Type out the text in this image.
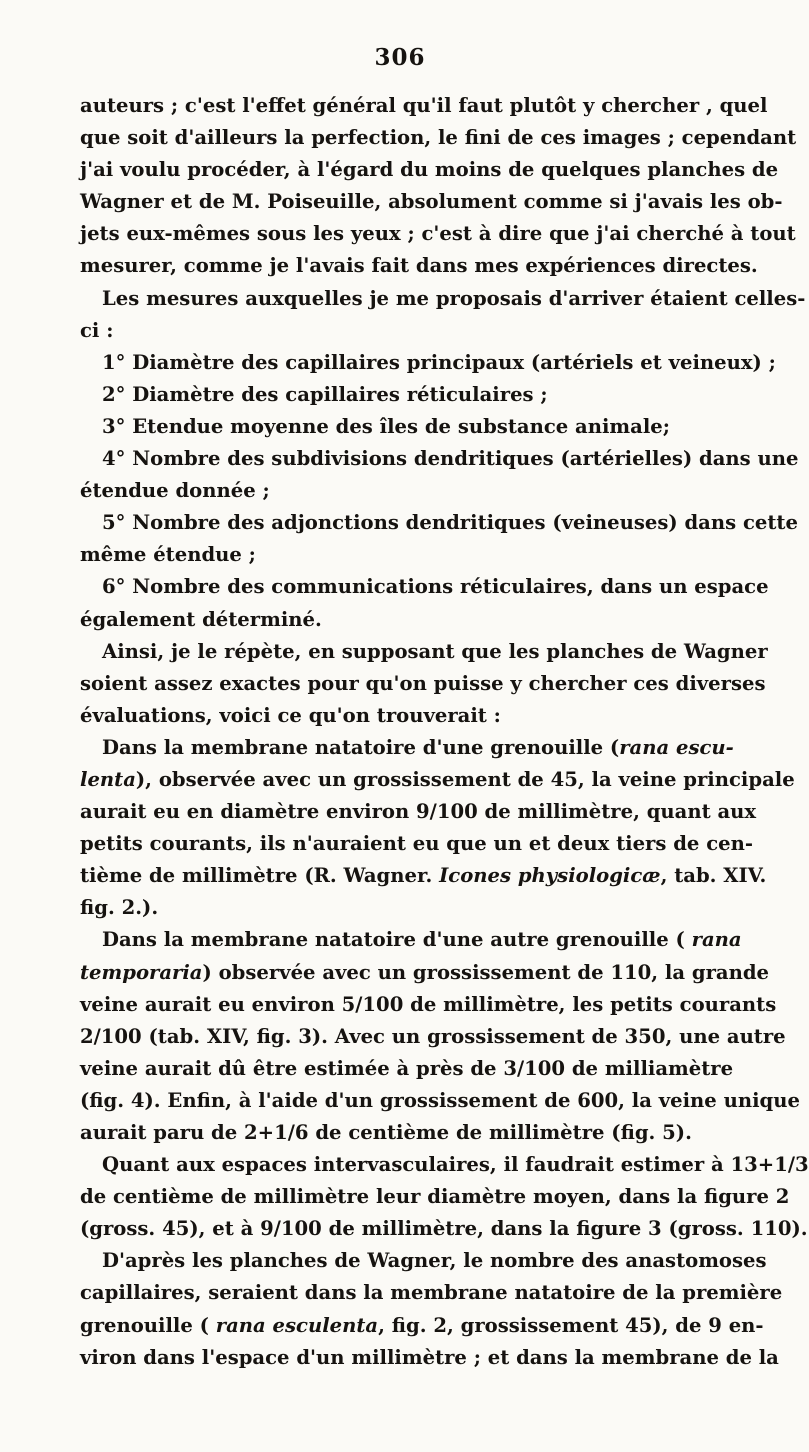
306
auteurs ; c'est l'effet général qu'il faut plutôt y chercher , quel
que soit d'ailleurs la perfection, le fini de ces images ; cependant
j'ai voulu procéder, à l'égard du moins de quelques planches de
Wagner et de M. Poiseuille, absolument comme si j'avais les ob-
jets eux-mêmes sous les yeux ; c'est à dire que j'ai cherché à tout
mesurer, comme je l'avais fait dans mes expériences directes.
Les mesures auxquelles je me proposais d'arriver étaient celles-
ci :
1° Diamètre des capillaires principaux (artériels et veineux) ;
2° Diamètre des capillaires réticulaires ;
3° Etendue moyenne des îles de substance animale;
4° Nombre des subdivisions dendritiques (artérielles) dans une
étendue donnée ;
5° Nombre des adjonctions dendritiques (veineuses) dans cette
même étendue ;
6° Nombre des communications réticulaires, dans un espace
également déterminé.
Ainsi, je le répète, en supposant que les planches de Wagner
soient assez exactes pour qu'on puisse y chercher ces diverses
évaluations, voici ce qu'on trouverait :
Dans la membrane natatoire d'une grenouille (rana escu-
lenta), observée avec un grossissement de 45, la veine principale
aurait eu en diamètre environ 9/100 de millimètre, quant aux
petits courants, ils n'auraient eu que un et deux tiers de cen-
tième de millimètre (R. Wagner. Icones physiologicæ, tab. XIV.
fig. 2.).
Dans la membrane natatoire d'une autre grenouille ( rana
temporaria) observée avec un grossissement de 110, la grande
veine aurait eu environ 5/100 de millimètre, les petits courants
2/100 (tab. XIV, fig. 3). Avec un grossissement de 350, une autre
veine aurait dû être estimée à près de 3/100 de milliamètre
(fig. 4). Enfin, à l'aide d'un grossissement de 600, la veine unique
aurait paru de 2+1/6 de centième de millimètre (fig. 5).
Quant aux espaces intervasculaires, il faudrait estimer à 13+1/3
de centième de millimètre leur diamètre moyen, dans la figure 2
(gross. 45), et à 9/100 de millimètre, dans la figure 3 (gross. 110).
D'après les planches de Wagner, le nombre des anastomoses
capillaires, seraient dans la membrane natatoire de la première
grenouille ( rana esculenta, fig. 2, grossissement 45), de 9 en-
viron dans l'espace d'un millimètre ; et dans la membrane de la
